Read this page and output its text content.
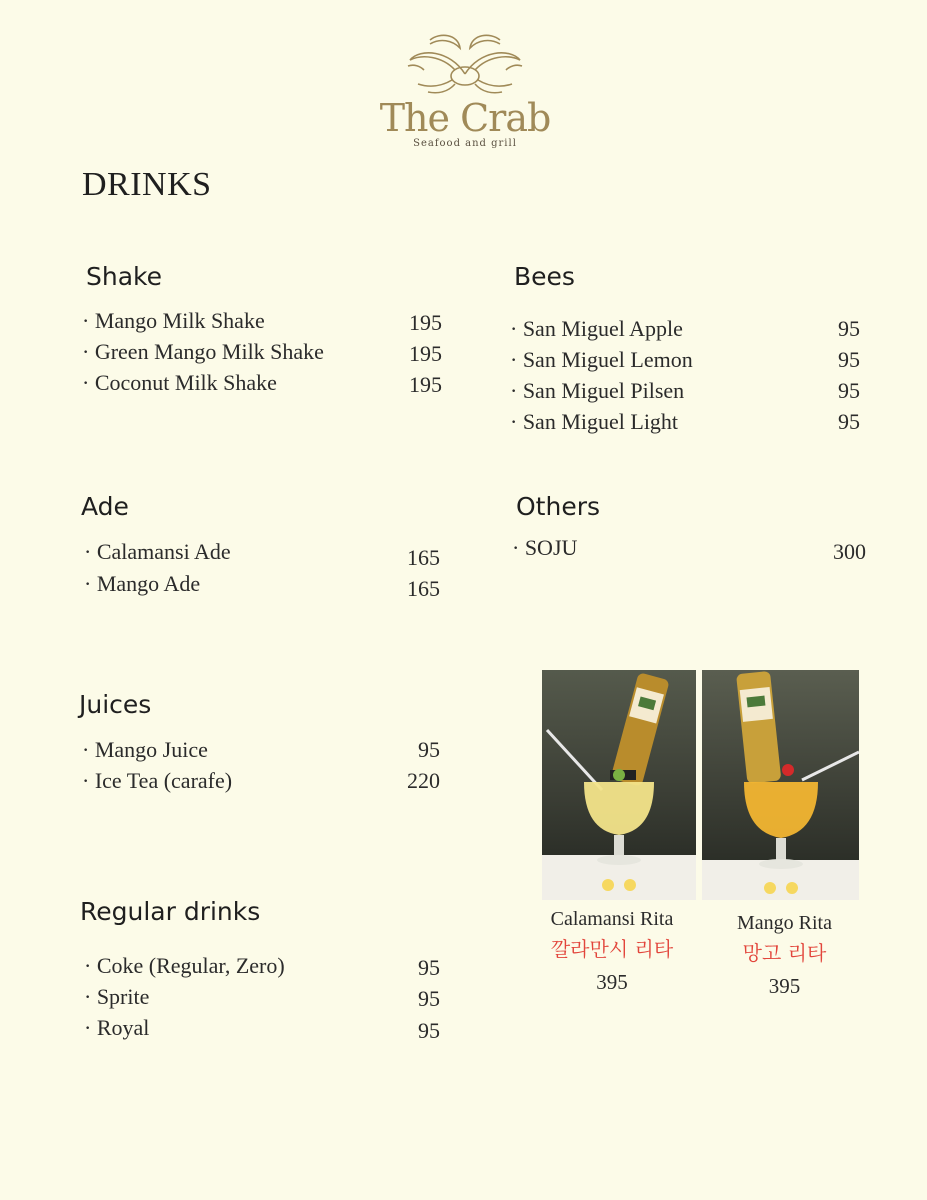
The Crab
Seafood and grill
DRINKS
Shake
· Mango Milk Shake	195
· Green Mango Milk Shake	195
· Coconut Milk Shake	195
Bees
· San Miguel Apple	95
· San Miguel Lemon	95
· San Miguel Pilsen	95
· San Miguel Light	95
Ade
· Calamansi Ade	165
· Mango Ade	165
Others
· SOJU	300
Juices
· Mango Juice	95
· Ice Tea (carafe)	220
Regular drinks
· Coke (Regular, Zero)	95
· Sprite	95
· Royal	95
Calamansi Rita
깔라만시 리타
395
Mango Rita
망고 리타
395
